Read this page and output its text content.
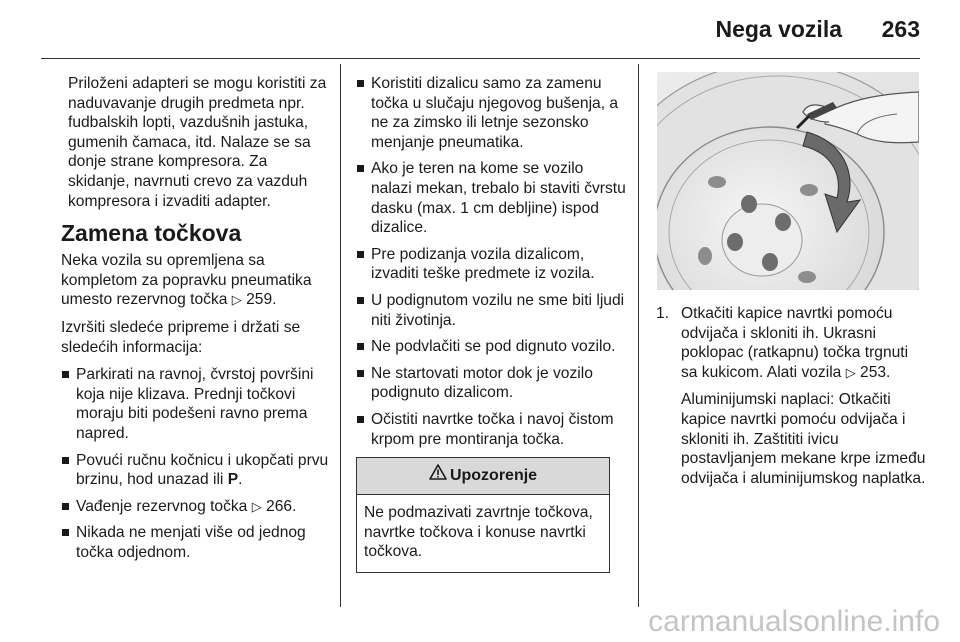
Nega vozila 263

Priloženi adapteri se mogu koristiti za naduvavanje drugih predmeta npr. fudbalskih lopti, vazdušnih jastuka, gumenih čamaca, itd. Nalaze se sa donje strane kompresora. Za skidanje, navrnuti crevo za vazduh kompresora i izvaditi adapter.

Zamena točkova

Neka vozila su opremljena sa kompletom za popravku pneumatika umesto rezervnog točka ▷ 259.

Izvršiti sledeće pripreme i držati se sledećih informacija:

Parkirati na ravnoj, čvrstoj površini koja nije klizava. Prednji točkovi moraju biti podešeni ravno prema napred.
Povući ručnu kočnicu i ukopčati prvu brzinu, hod unazad ili P.
Vađenje rezervnog točka ▷ 266.
Nikada ne menjati više od jednog točka odjednom.
Koristiti dizalicu samo za zamenu točka u slučaju njegovog bušenja, a ne za zimsko ili letnje sezonsko menjanje pneumatika.
Ako je teren na kome se vozilo nalazi mekan, trebalo bi staviti čvrstu dasku (max. 1 cm debljine) ispod dizalice.
Pre podizanja vozila dizalicom, izvaditi teške predmete iz vozila.
U podignutom vozilu ne sme biti ljudi niti životinja.
Ne podvlačiti se pod dignuto vozilo.
Ne startovati motor dok je vozilo podignuto dizalicom.
Očistiti navrtke točka i navoj čistom krpom pre montiranja točka.
Upozorenje
Ne podmazivati zavrtnje točkova, navrtke točkova i konuse navrtki točkova.
1. Otkačiti kapice navrtki pomoću odvijača i skloniti ih. Ukrasni poklopac (ratkapnu) točka trgnuti sa kukicom. Alati vozila ▷ 253.

Aluminijumski naplaci: Otkačiti kapice navrtki pomoću odvijača i skloniti ih. Zaštititi ivicu postavljanjem mekane krpe između odvijača i aluminijumskog naplatka.

carmanualsonline.info
